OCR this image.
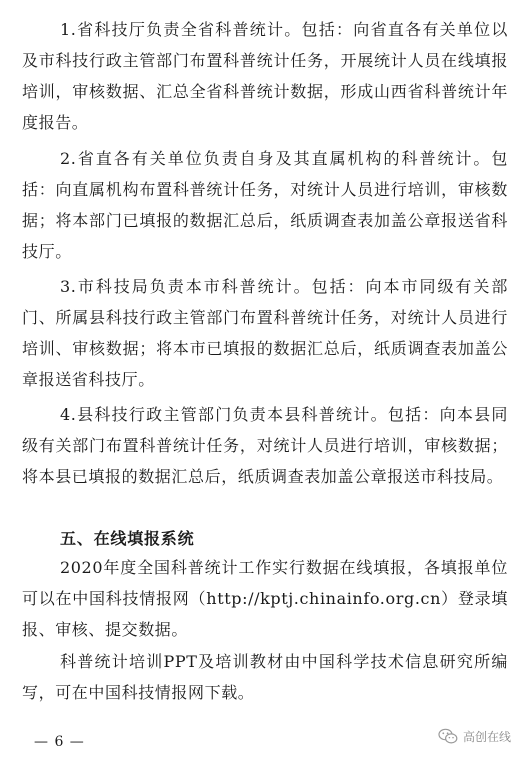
1.省科技厅负责全省科普统计。包括：向省直各有关单位以及市科技行政主管部门布置科普统计任务，开展统计人员在线填报培训，审核数据、汇总全省科普统计数据，形成山西省科普统计年度报告。

2.省直各有关单位负责自身及其直属机构的科普统计。包括：向直属机构布置科普统计任务，对统计人员进行培训，审核数据；将本部门已填报的数据汇总后，纸质调查表加盖公章报送省科技厅。

3.市科技局负责本市科普统计。包括：向本市同级有关部门、所属县科技行政主管部门布置科普统计任务，对统计人员进行培训、审核数据；将本市已填报的数据汇总后，纸质调查表加盖公章报送省科技厅。

4.县科技行政主管部门负责本县科普统计。包括：向本县同级有关部门布置科普统计任务，对统计人员进行培训，审核数据；将本县已填报的数据汇总后，纸质调查表加盖公章报送市科技局。

五、在线填报系统

2020年度全国科普统计工作实行数据在线填报，各填报单位可以在中国科技情报网（http://kptj.chinainfo.org.cn）登录填报、审核、提交数据。

科普统计培训PPT及培训教材由中国科学技术信息研究所编写，可在中国科技情报网下载。

— 6 —	高创在线
